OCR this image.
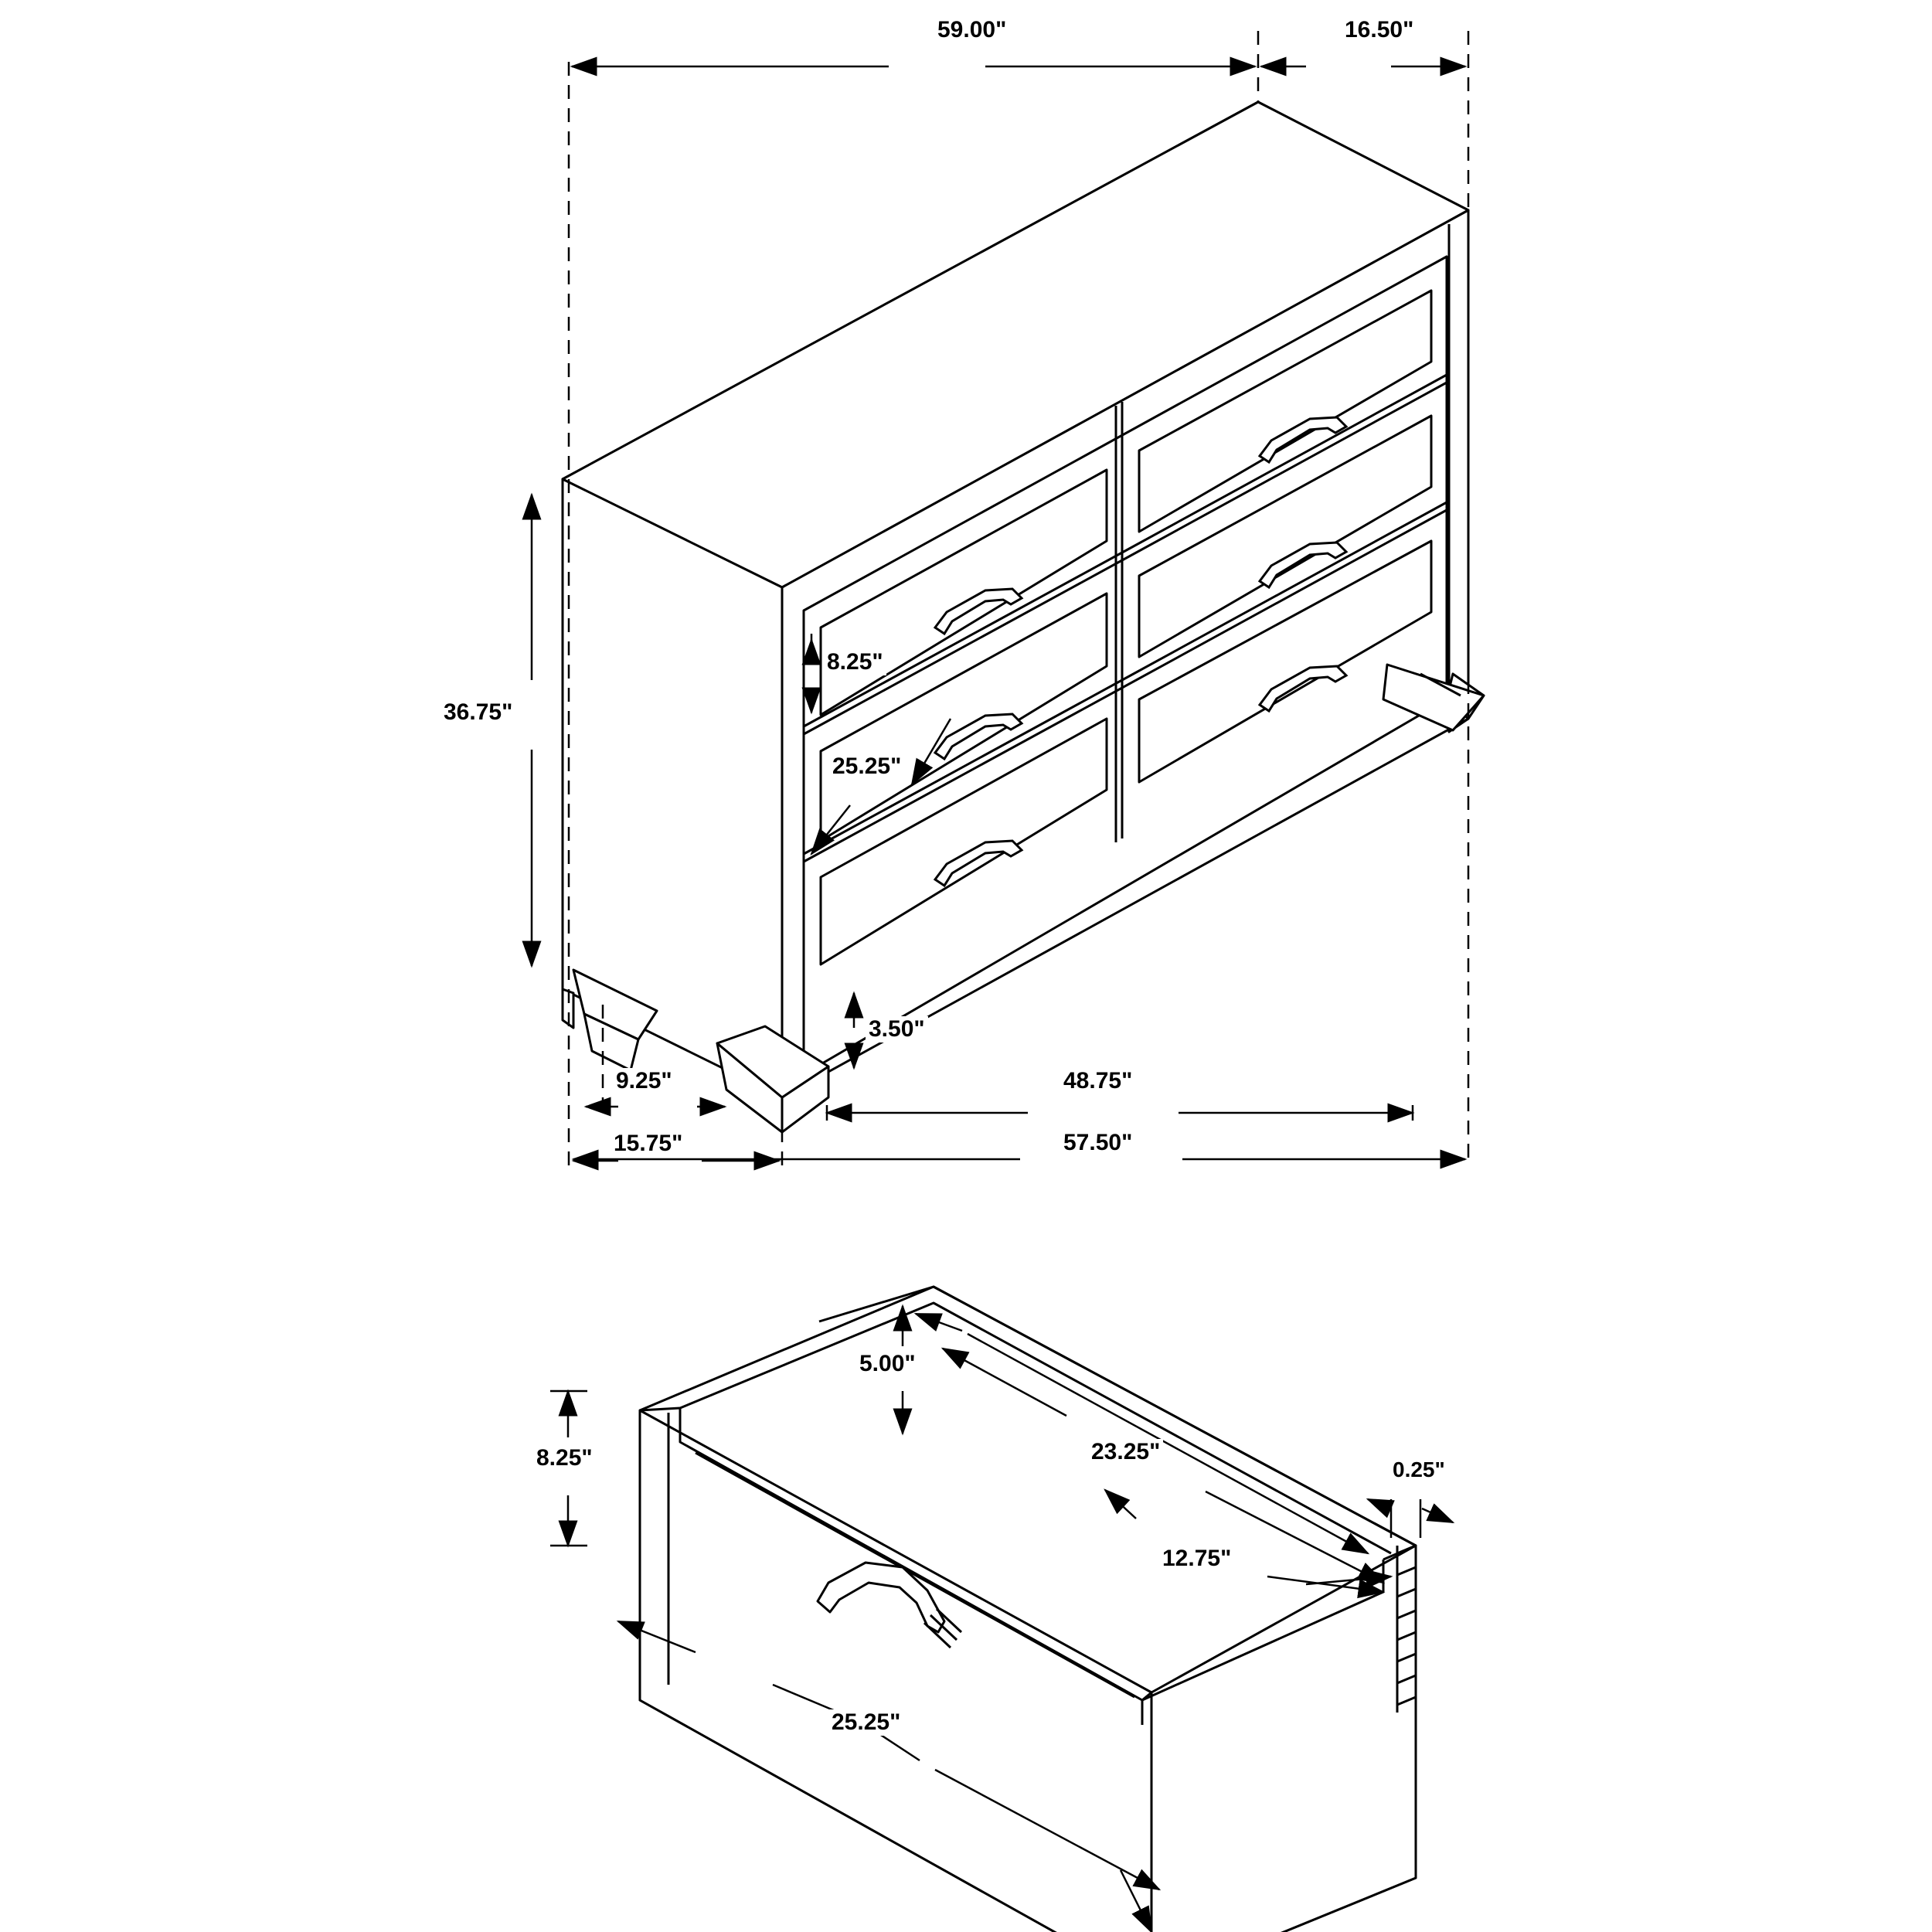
59.00"	16.50"
36.75"
8.25"
25.25"
3.50"
9.25"
15.75"
48.75"
57.50"
5.00"
8.25"	23.25"
0.25"
12.75"
25.25"
